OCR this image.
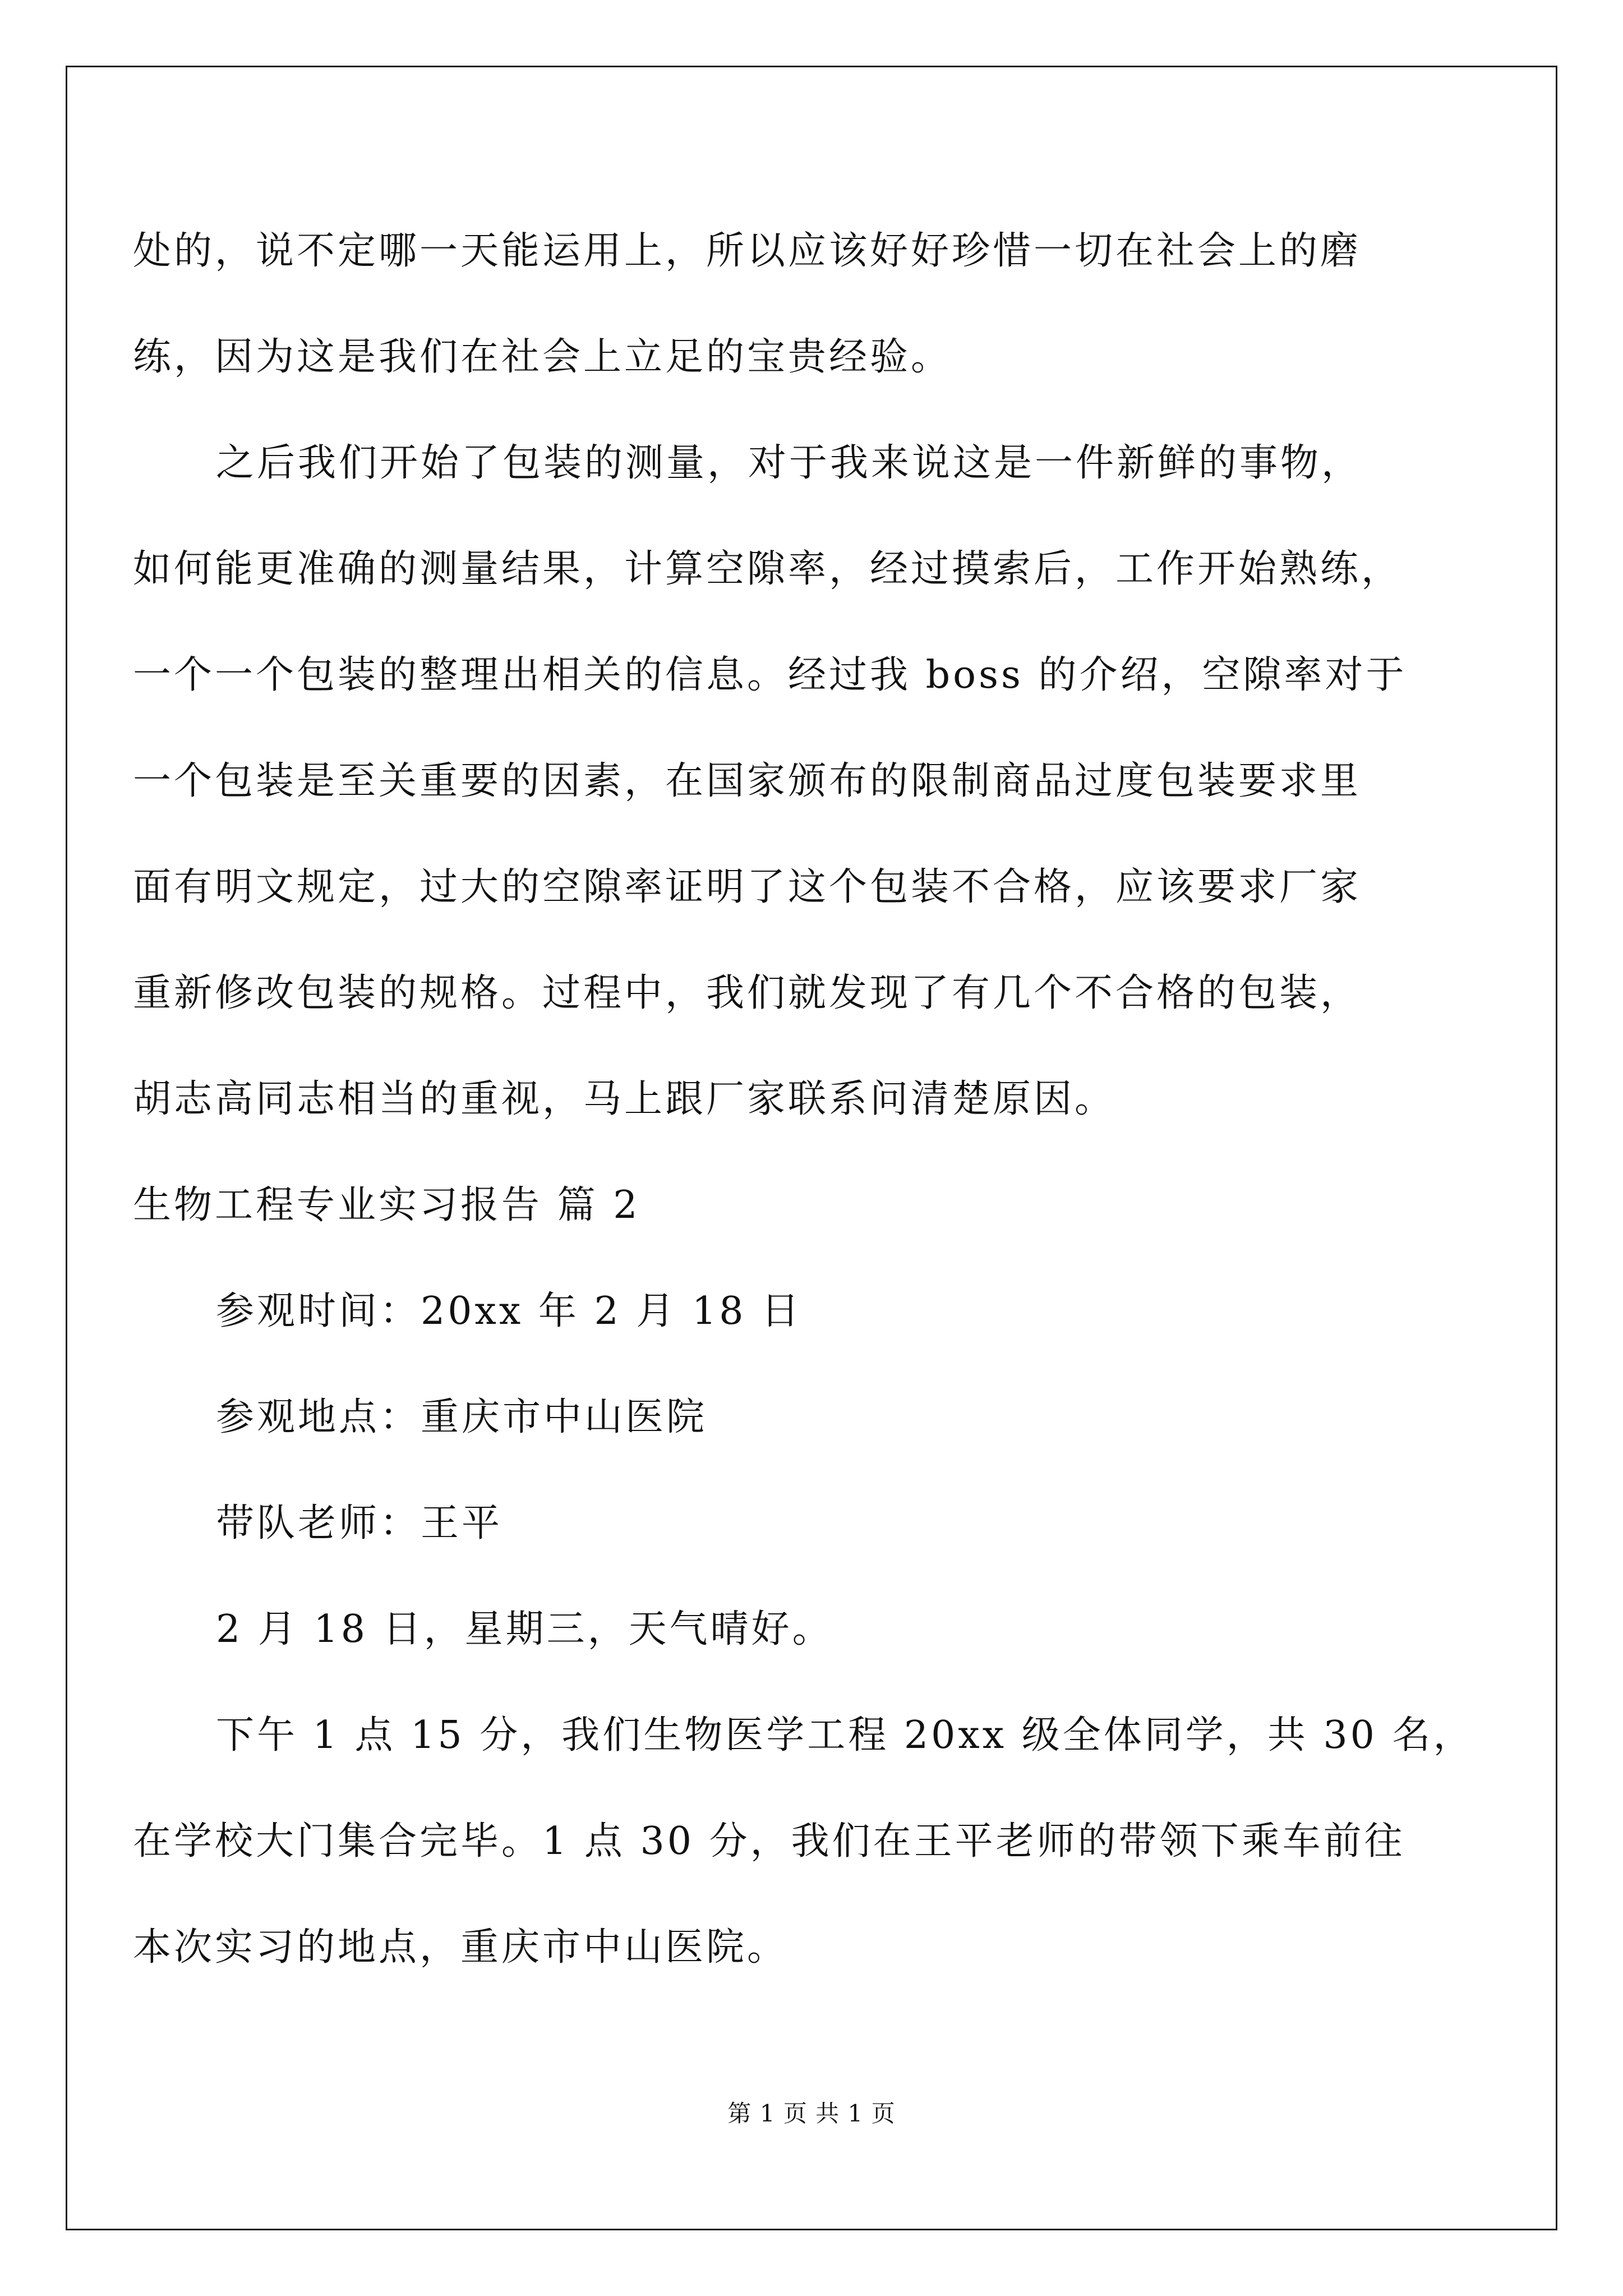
处的，说不定哪一天能运用上，所以应该好好珍惜一切在社会上的磨
练，因为这是我们在社会上立足的宝贵经验。
之后我们开始了包装的测量，对于我来说这是一件新鲜的事物，
如何能更准确的测量结果，计算空隙率，经过摸索后，工作开始熟练，
一个一个包装的整理出相关的信息。经过我 boss 的介绍，空隙率对于
一个包装是至关重要的因素，在国家颁布的限制商品过度包装要求里
面有明文规定，过大的空隙率证明了这个包装不合格，应该要求厂家
重新修改包装的规格。过程中，我们就发现了有几个不合格的包装，
胡志高同志相当的重视，马上跟厂家联系问清楚原因。
生物工程专业实习报告 篇 2
参观时间：20xx 年 2 月 18 日
参观地点：重庆市中山医院
带队老师：王平
2 月 18 日，星期三，天气晴好。
下午 1 点 15 分，我们生物医学工程 20xx 级全体同学，共 30 名，
在学校大门集合完毕。1 点 30 分，我们在王平老师的带领下乘车前往
本次实习的地点，重庆市中山医院。
第 1 页 共 1 页
